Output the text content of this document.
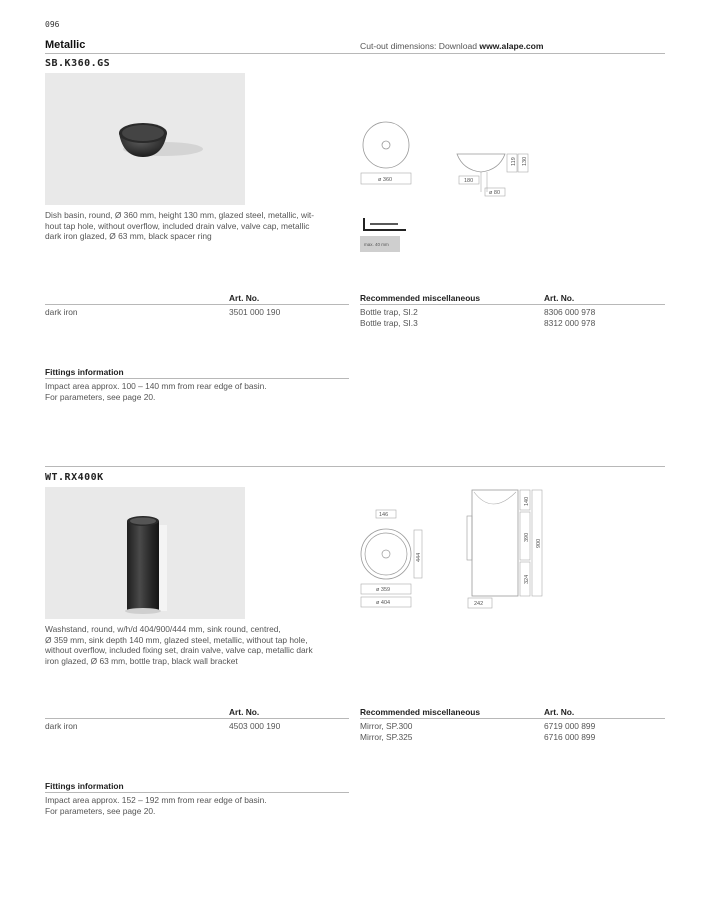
096
Metallic	Cut-out dimensions: Download www.alape.com
SB.K360.GS
Dish basin, round, Ø 360 mm, height 130 mm, glazed steel, metallic, wit-
hout tap hole, without overflow, included drain valve, valve cap, metallic
dark iron glazed, Ø 63 mm, black spacer ring
ø 360
119 130
180
ø 80
max. 40 mm
Art. No.	Recommended miscellaneous	Art. No.
dark iron	3501 000 190	Bottle trap, SI.2	8306 000 978
Bottle trap, SI.3	8312 000 978
Fittings information
Impact area approx. 100 – 140 mm from rear edge of basin.
For parameters, see page 20.
WT.RX400K
Washstand, round, w/h/d 404/900/444 mm, sink round, centred,
Ø 359 mm, sink depth 140 mm, glazed steel, metallic, without tap hole,
without overflow, included fixing set, drain valve, valve cap, metallic dark
iron glazed, Ø 63 mm, bottle trap, black wall bracket
146
444
ø 359
ø 404
140
390
900
324
242
Art. No.	Recommended miscellaneous	Art. No.
dark iron	4503 000 190	Mirror, SP.300	6719 000 899
Mirror, SP.325	6716 000 899
Fittings information
Impact area approx. 152 – 192 mm from rear edge of basin.
For parameters, see page 20.
